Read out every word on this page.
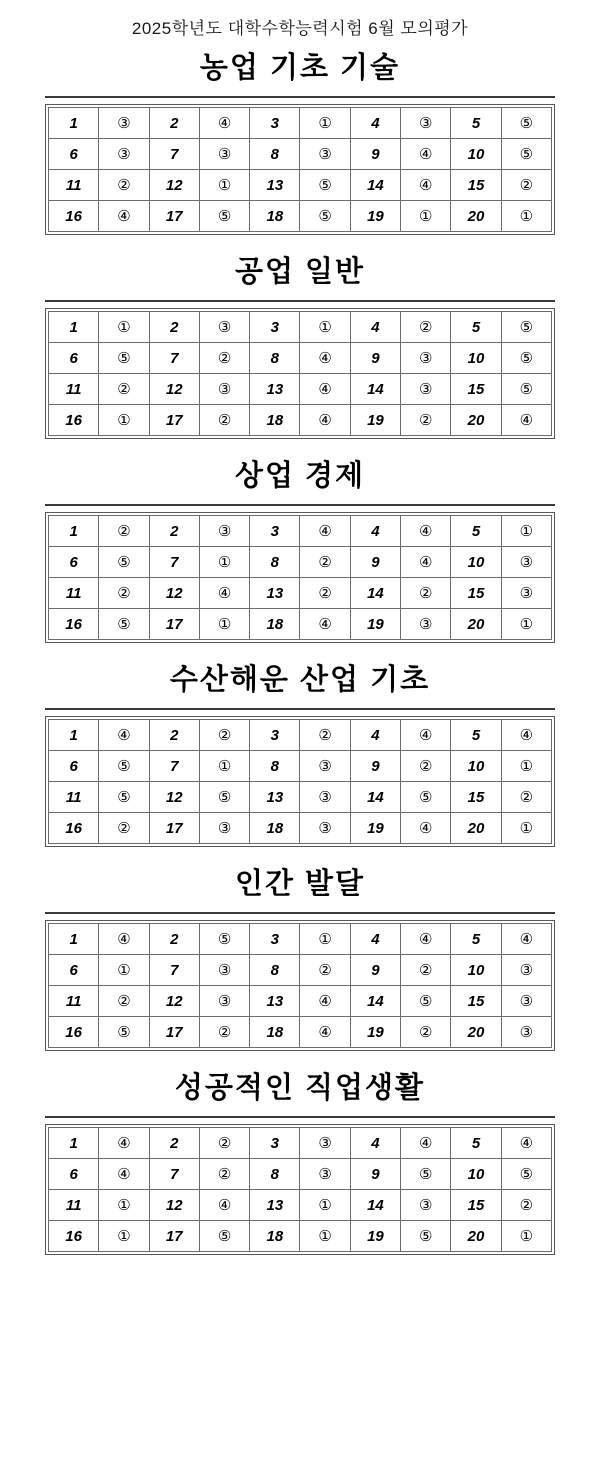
2025학년도 대학수학능력시험 6월 모의평가
농업 기초 기술
1	③	2	④	3	①	4	③	5	⑤
6	③	7	③	8	③	9	④	10	⑤
11	②	12	①	13	⑤	14	④	15	②
16	④	17	⑤	18	⑤	19	①	20	①
공업 일반
1	①	2	③	3	①	4	②	5	⑤
6	⑤	7	②	8	④	9	③	10	⑤
11	②	12	③	13	④	14	③	15	⑤
16	①	17	②	18	④	19	②	20	④
상업 경제
1	②	2	③	3	④	4	④	5	①
6	⑤	7	①	8	②	9	④	10	③
11	②	12	④	13	②	14	②	15	③
16	⑤	17	①	18	④	19	③	20	①
수산해운 산업 기초
1	④	2	②	3	②	4	④	5	④
6	⑤	7	①	8	③	9	②	10	①
11	⑤	12	⑤	13	③	14	⑤	15	②
16	②	17	③	18	③	19	④	20	①
인간 발달
1	④	2	⑤	3	①	4	④	5	④
6	①	7	③	8	②	9	②	10	③
11	②	12	③	13	④	14	⑤	15	③
16	⑤	17	②	18	④	19	②	20	③
성공적인 직업생활
1	④	2	②	3	③	4	④	5	④
6	④	7	②	8	③	9	⑤	10	⑤
11	①	12	④	13	①	14	③	15	②
16	①	17	⑤	18	①	19	⑤	20	①
